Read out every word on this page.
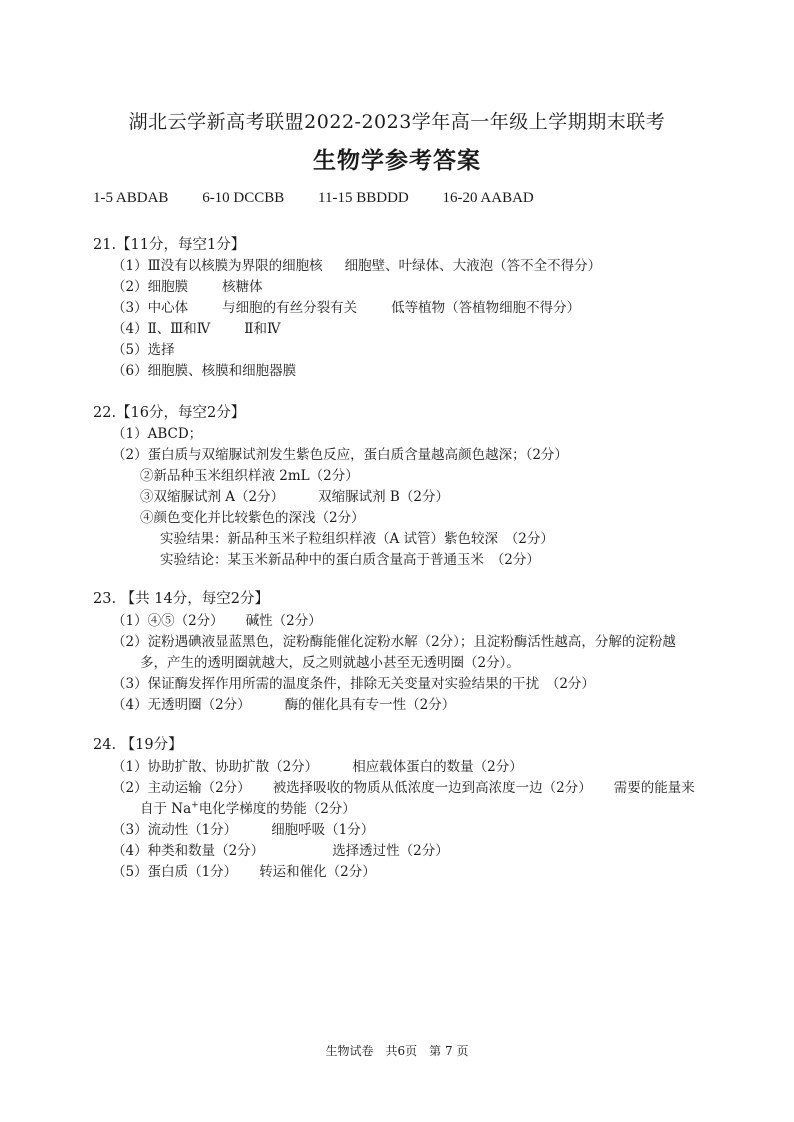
湖北云学新高考联盟2022-2023学年高一年级上学期期末联考
生物学参考答案
1-5 ABDAB 6-10 DCCBB 11-15 BBDDD 16-20 AABAD
21.【11分，每空1分】
（1）Ⅲ没有以核膜为界限的细胞核 细胞壁、叶绿体、大液泡（答不全不得分）
（2）细胞膜	核糖体
（3）中心体	与细胞的有丝分裂有关	低等植物（答植物细胞不得分）
（4）Ⅱ、Ⅲ和Ⅳ	Ⅱ和Ⅳ
（5）选择
（6）细胞膜、核膜和细胞器膜
22.【16分，每空2分】
（1）ABCD；
（2）蛋白质与双缩脲试剂发生紫色反应，蛋白质含量越高颜色越深；（2分）
②新品种玉米组织样液 2mL（2分）
③双缩脲试剂 A（2分）	双缩脲试剂 B（2分）
④颜色变化并比较紫色的深浅（2分）
实验结果：新品种玉米子粒组织样液（A 试管）紫色较深　（2分）
实验结论：某玉米新品种中的蛋白质含量高于普通玉米　（2分）
23. 【共 14分，每空2分】
（1）④⑤（2分） 碱性（2分）
（2）淀粉遇碘液显蓝黑色，淀粉酶能催化淀粉水解（2分）；且淀粉酶活性越高，分解的淀粉越
多，产生的透明圈就越大，反之则就越小甚至无透明圈（2分）。
（3）保证酶发挥作用所需的温度条件，排除无关变量对实验结果的干扰　（2分）
（4）无透明圈（2分）	酶的催化具有专一性（2分）
24. 【19分】
（1）协助扩散、协助扩散（2分）	相应载体蛋白的数量（2分）
（2）主动运输（2分） 被选择吸收的物质从低浓度一边到高浓度一边（2分） 需要的能量来
自于 Na+电化学梯度的势能（2分）
（3）流动性（1分）	细胞呼吸（1分）
（4）种类和数量（2分）	选择透过性（2分）
（5）蛋白质（1分） 转运和催化（2分）
生物试卷　共6页　第 7 页
